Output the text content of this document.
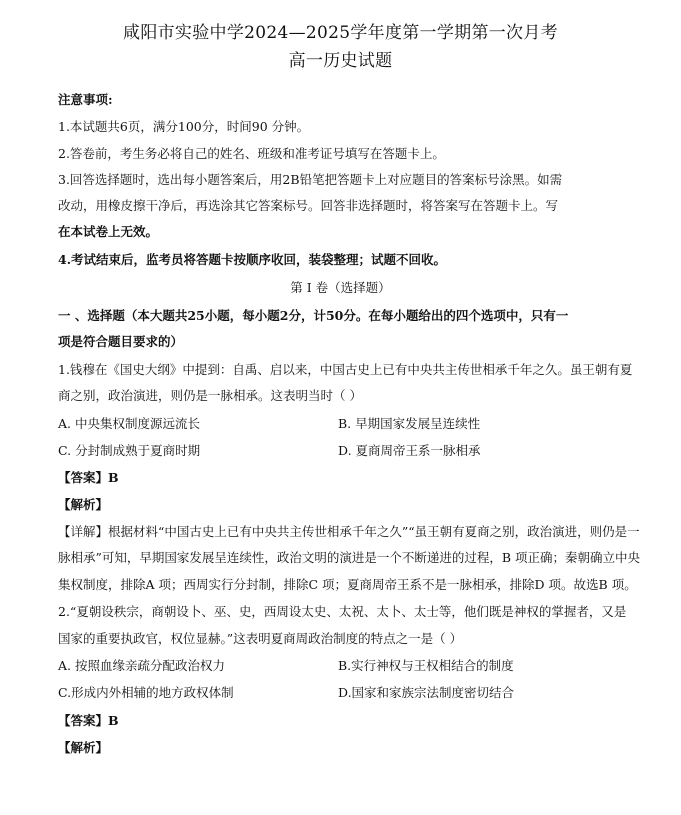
咸阳市实验中学2024—2025学年度第一学期第一次月考
高一历史试题
注意事项:
1.本试题共6页，满分100分，时间90 分钟。
2.答卷前，考生务必将自己的姓名、班级和准考证号填写在答题卡上。
3.回答选择题时，选出每小题答案后，用2B铅笔把答题卡上对应题目的答案标号涂黑。如需
改动，用橡皮擦干净后，再选涂其它答案标号。回答非选择题时，将答案写在答题卡上。写
在本试卷上无效。
4.考试结束后，监考员将答题卡按顺序收回，装袋整理；试题不回收。
第 I 卷（选择题）
一 、选择题（本大题共25小题，每小题2分，计50分。在每小题给出的四个选项中，只有一
项是符合题目要求的）
1.钱穆在《国史大纲》中提到：自禹、启以来，中国古史上已有中央共主传世相承千年之久。虽王朝有夏
商之别，政治演进，则仍是一脉相承。这表明当时（ ）
A. 中央集权制度源远流长	B. 早期国家发展呈连续性
C. 分封制成熟于夏商时期	D. 夏商周帝王系一脉相承
【答案】B
【解析】
【详解】根据材料“中国古史上已有中央共主传世相承千年之久”“虽王朝有夏商之别，政治演进，则仍是一
脉相承”可知，早期国家发展呈连续性，政治文明的演进是一个不断递进的过程，B 项正确；秦朝确立中央
集权制度，排除A 项；西周实行分封制，排除C 项；夏商周帝王系不是一脉相承，排除D 项。故选B 项。
2.“夏朝设秩宗，商朝设卜、巫、史，西周设太史、太祝、太卜、太士等，他们既是神权的掌握者，又是
国家的重要执政官，权位显赫。”这表明夏商周政治制度的特点之一是（ ）
A. 按照血缘亲疏分配政治权力	B.实行神权与王权相结合的制度
C.形成内外相辅的地方政权体制	D.国家和家族宗法制度密切结合
【答案】B
【解析】
